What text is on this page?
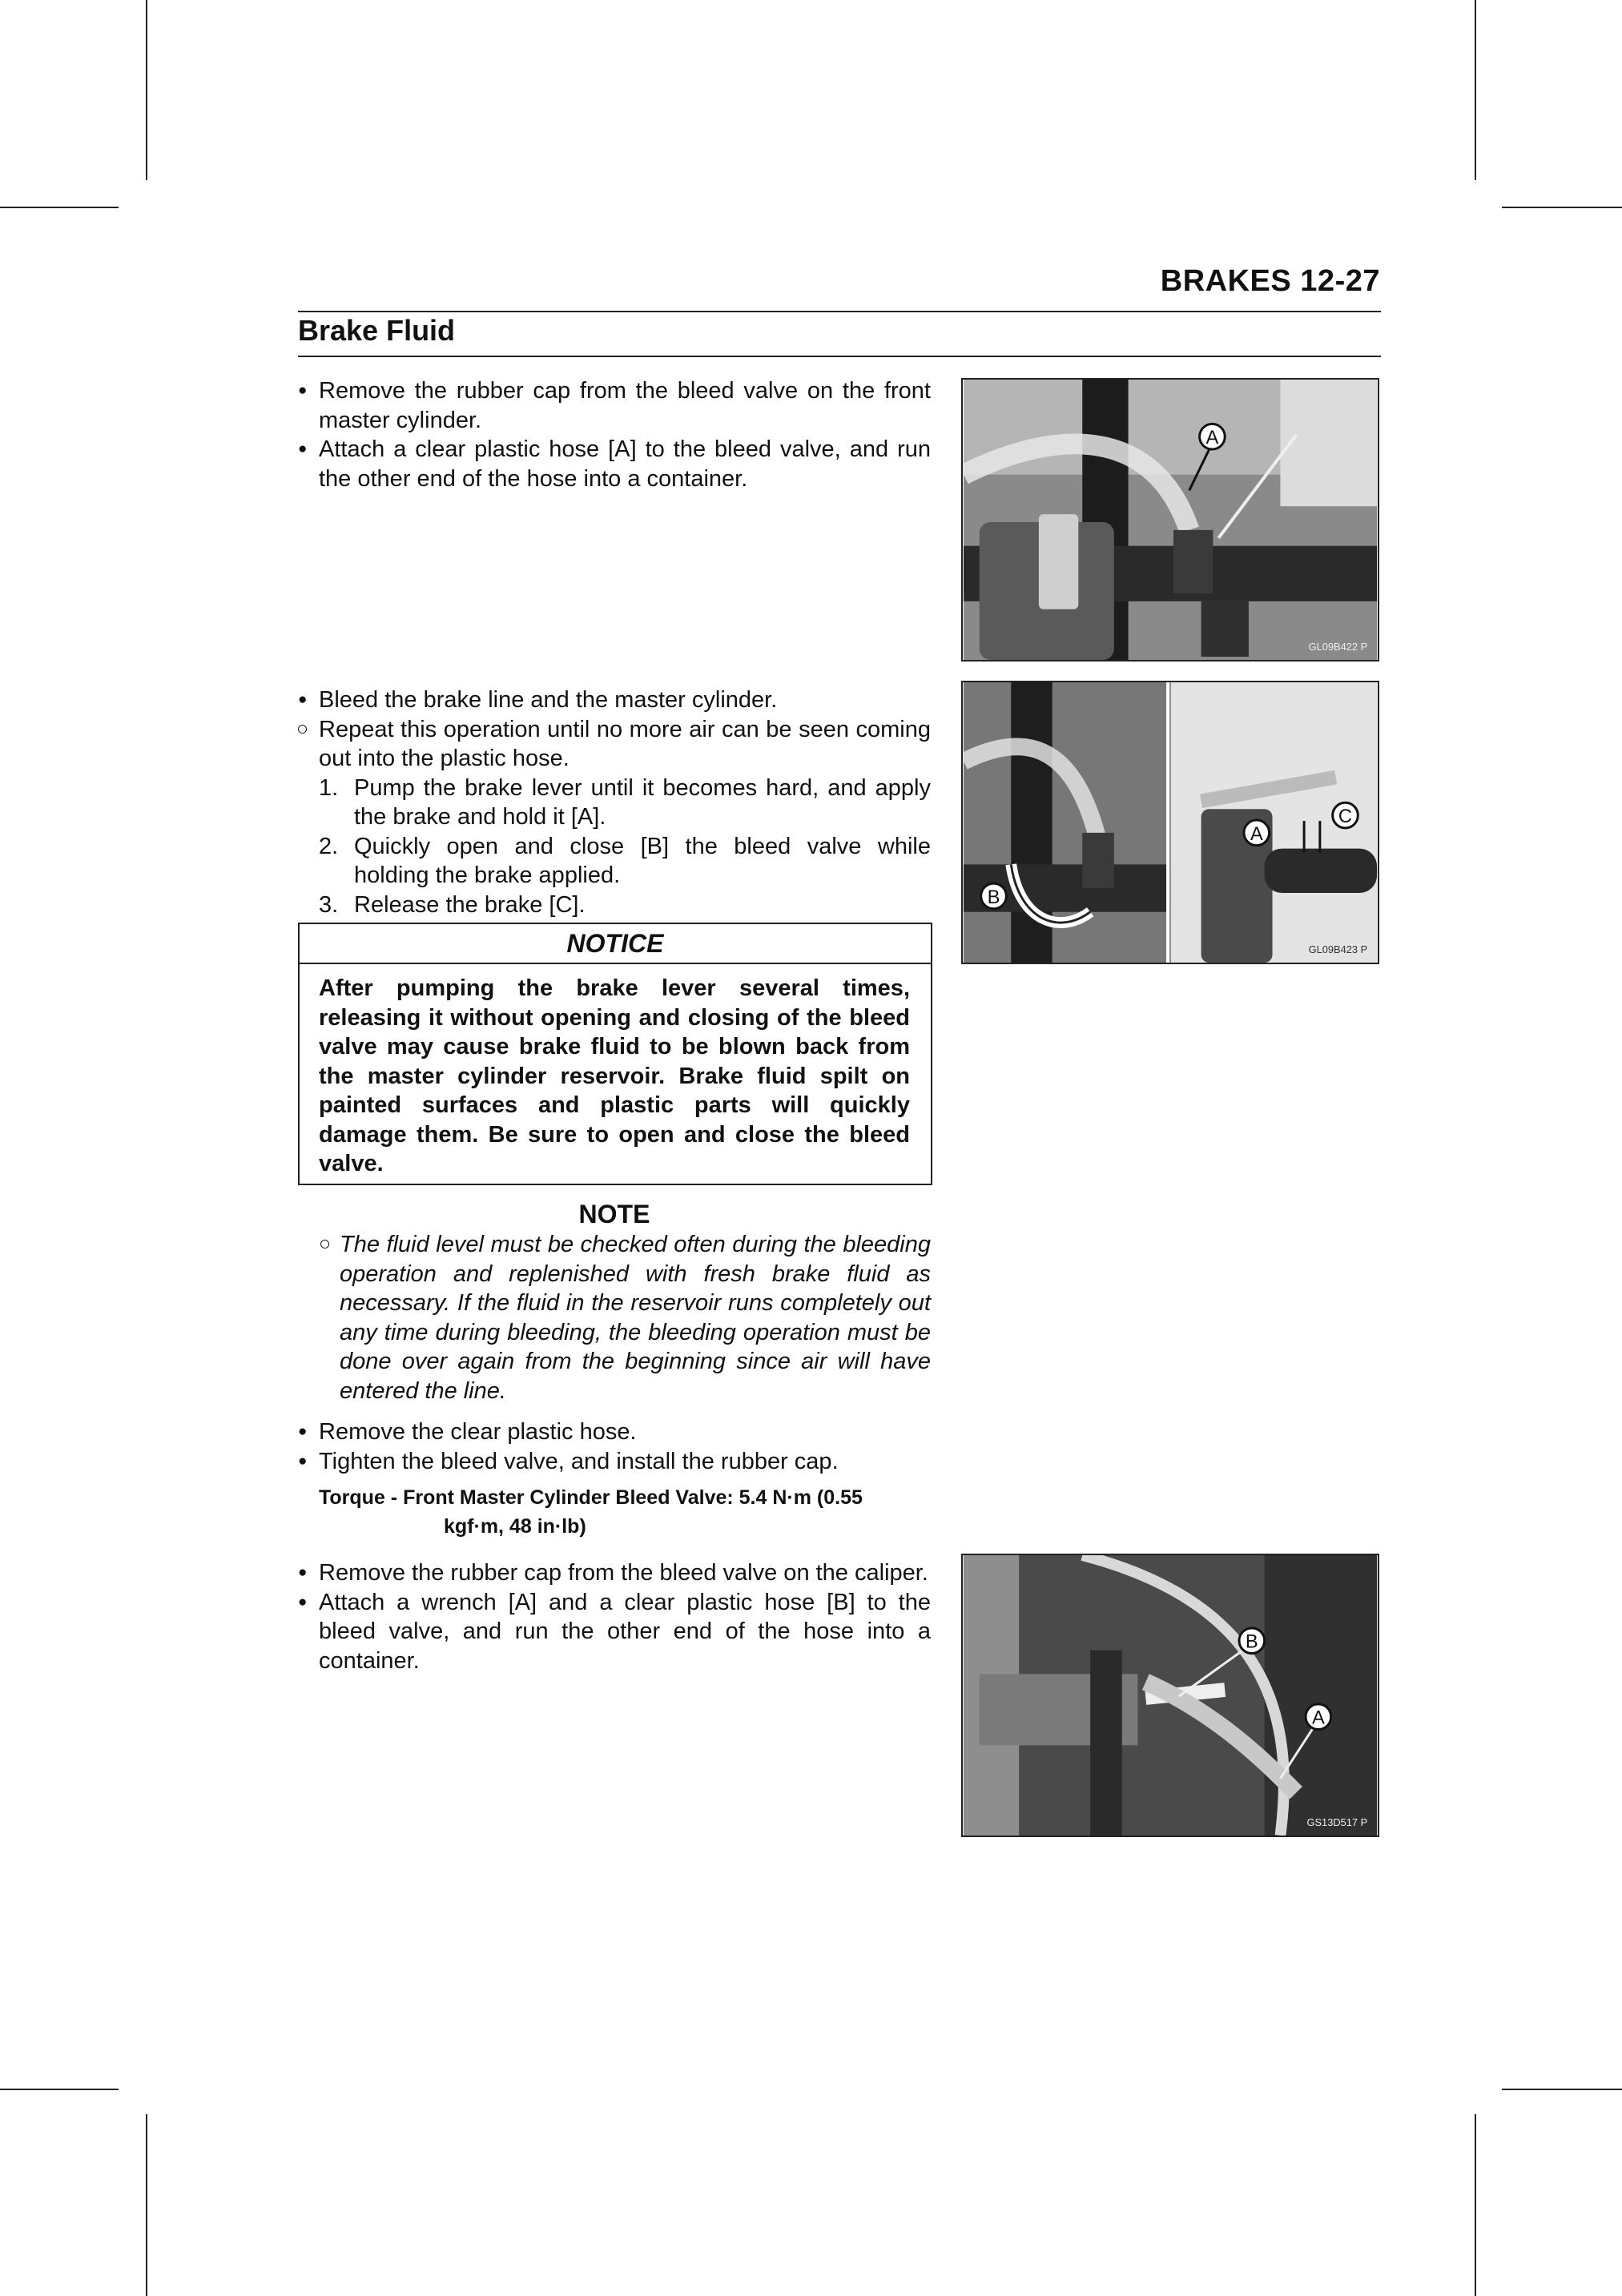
BRAKES 12-27
Brake Fluid
● Remove the rubber cap from the bleed valve on the front master cylinder.
● Attach a clear plastic hose [A] to the bleed valve, and run the other end of the hose into a container.
● Bleed the brake line and the master cylinder.
○ Repeat this operation until no more air can be seen coming out into the plastic hose.
1. Pump the brake lever until it becomes hard, and apply the brake and hold it [A].
2. Quickly open and close [B] the bleed valve while holding the brake applied.
3. Release the brake [C].
NOTICE
After pumping the brake lever several times, releasing it without opening and closing of the bleed valve may cause brake fluid to be blown back from the master cylinder reservoir. Brake fluid spilt on painted surfaces and plastic parts will quickly damage them. Be sure to open and close the bleed valve.
NOTE
○ The fluid level must be checked often during the bleeding operation and replenished with fresh brake fluid as necessary. If the fluid in the reservoir runs completely out any time during bleeding, the bleeding operation must be done over again from the beginning since air will have entered the line.
● Remove the clear plastic hose.
● Tighten the bleed valve, and install the rubber cap.
Torque - Front Master Cylinder Bleed Valve: 5.4 N·m (0.55
kgf·m, 48 in·lb)
● Remove the rubber cap from the bleed valve on the caliper.
● Attach a wrench [A] and a clear plastic hose [B] to the bleed valve, and run the other end of the hose into a container.
A
GL09B422 P
A
B
C
GL09B423 P
B
A
GS13D517 P
